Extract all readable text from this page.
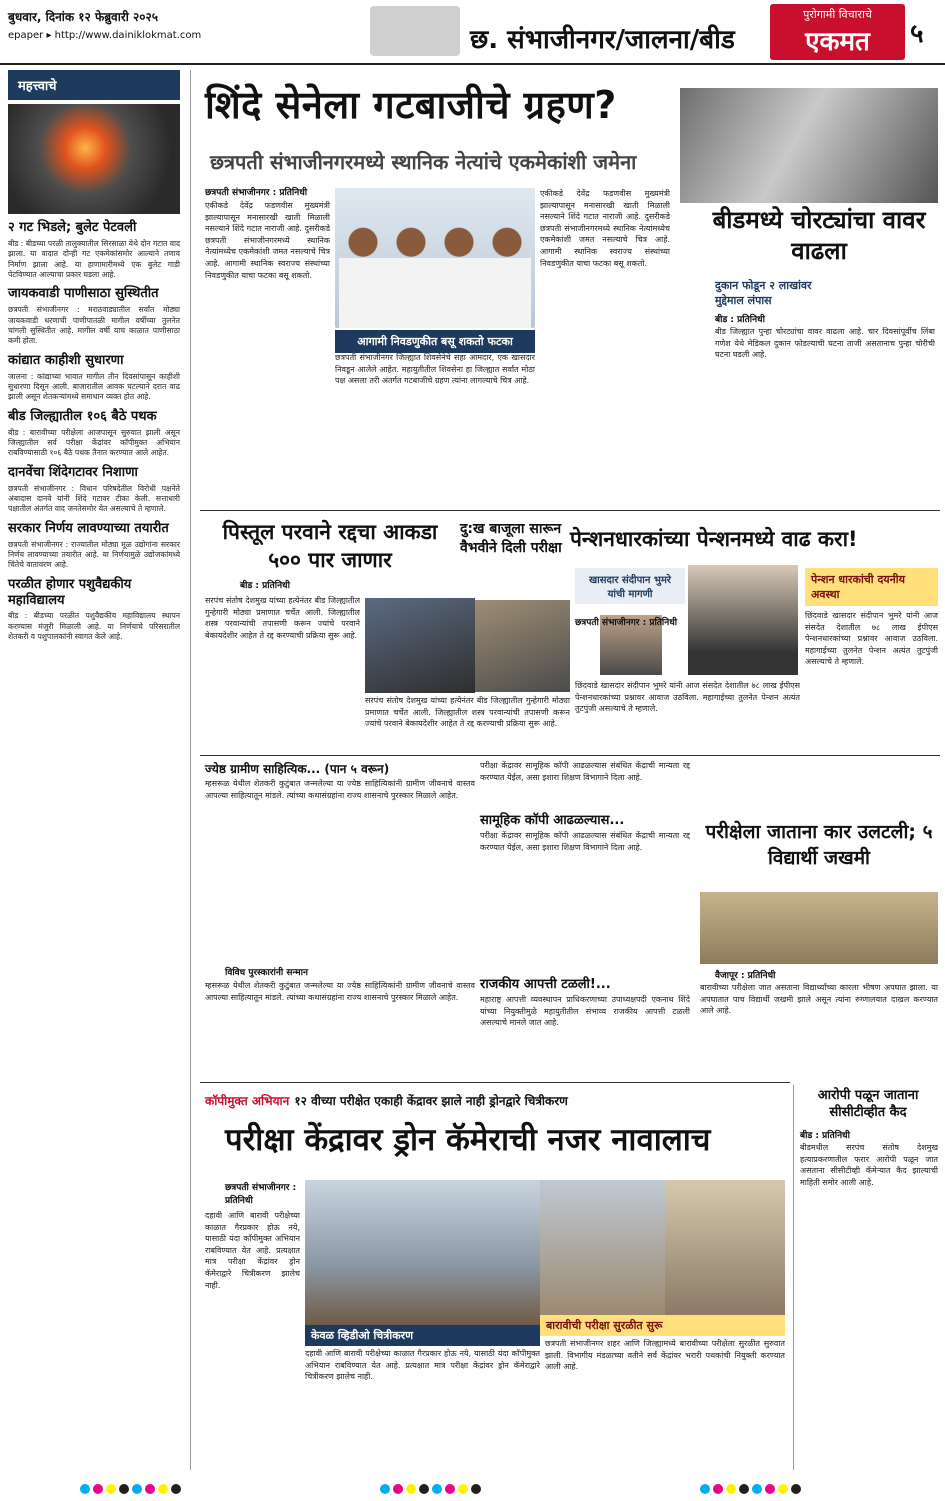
बुधवार, दिनांक १२ फेब्रुवारी २०२५
epaper ▸ http://www.dainiklokmat.com	छ. संभाजीनगर/जालना/बीड
पुरोगामी विचाराचे
एकमत	५
महत्त्वाचे
२ गट भिडले; बुलेट पेटवली

बीड : बीडच्या परळी तालुक्यातील सिरसाळा येथे दोन गटात वाद झाला. या वादात दोन्ही गट एकमेकांसमोर आल्याने तणाव निर्माण झाला आहे. या हाणामारीमध्ये एक बुलेट गाडी पेटविण्यात आल्याचा प्रकार घडला आहे.

जायकवाडी पाणीसाठा सुस्थितीत

छत्रपती संभाजीनगर : मराठवाड्यातील सर्वांत मोठ्या जायकवाडी धरणाची पाणीपातळी मागील वर्षीच्या तुलनेत चांगली सुस्थितीत आहे. मागील वर्षी याच काळात पाणीसाठा कमी होता.

कांद्यात काहीशी सुधारणा

जालना : कांद्याच्या भावात मागील तीन दिवसांपासून काहीशी सुधारणा दिसून आली. बाजारातील आवक घटल्याने दरात वाढ झाली असून शेतकऱ्यांमध्ये समाधान व्यक्त होत आहे.

बीड जिल्ह्यातील १०६ बैठे पथक

बीड : बारावीच्या परीक्षेला आजपासून सुरुवात झाली असून जिल्ह्यातील सर्व परीक्षा केंद्रांवर कॉपीमुक्त अभियान राबविण्यासाठी १०६ बैठे पथक तैनात करण्यात आले आहेत.

दानवेंचा शिंदेगटावर निशाणा

छत्रपती संभाजीनगर : विधान परिषदेतील विरोधी पक्षनेते अंबादास दानवे यांनी शिंदे गटावर टीका केली. सत्ताधारी पक्षातील अंतर्गत वाद जनतेसमोर येत असल्याचे ते म्हणाले.

सरकार निर्णय लावण्याच्या तयारीत

छत्रपती संभाजीनगर : राज्यातील मोठ्या मूळ उद्योगांना सरकार निर्णय लावण्याच्या तयारीत आहे. या निर्णयामुळे उद्योजकांमध्ये चिंतेचे वातावरण आहे.

परळीत होणार पशुवैद्यकीय महाविद्यालय

बीड : बीडच्या परळीत पशुवैद्यकीय महाविद्यालय स्थापन करण्यास मंजुरी मिळाली आहे. या निर्णयाचे परिसरातील शेतकरी व पशुपालकांनी स्वागत केले आहे.

शिंदे सेनेला गटबाजीचे ग्रहण?
छत्रपती संभाजीनगरमध्ये स्थानिक नेत्यांचे एकमेकांशी जमेना
छत्रपती संभाजीनगर : प्रतिनिधी
एकीकडे देवेंद्र फडणवीस मुख्यमंत्री झाल्यापासून मनासारखी खाती मिळाली नसल्याने शिंदे गटात नाराजी आहे. दुसरीकडे छत्रपती संभाजीनगरमध्ये स्थानिक नेत्यांमध्येच एकमेकांशी जमत नसल्याचे चित्र आहे. आगामी स्थानिक स्वराज्य संस्थांच्या निवडणुकीत याचा फटका बसू शकतो.
आगामी निवडणुकीत बसू शकतो फटका
छत्रपती संभाजीनगर जिल्ह्यात शिवसेनेचे सहा आमदार, एक खासदार निवडून आलेले आहेत. महायुतीतील शिवसेना हा जिल्ह्यात सर्वात मोठा पक्ष असला तरी अंतर्गत गटबाजीचे ग्रहण त्यांना लागल्याचे चित्र आहे.
एकीकडे देवेंद्र फडणवीस मुख्यमंत्री झाल्यापासून मनासारखी खाती मिळाली नसल्याने शिंदे गटात नाराजी आहे. दुसरीकडे छत्रपती संभाजीनगरमध्ये स्थानिक नेत्यांमध्येच एकमेकांशी जमत नसल्याचे चित्र आहे. आगामी स्थानिक स्वराज्य संस्थांच्या निवडणुकीत याचा फटका बसू शकतो.
बीडमध्ये चोरट्यांचा वावर वाढला
दुकान फोडून २ लाखांवर
मुद्देमाल लंपास
बीड : प्रतिनिधी
बीड जिल्ह्यात पुन्हा चोरट्यांचा वावर वाढला आहे. चार दिवसांपूर्वीच लिंबा गणेश येथे मेडिकल दुकान फोडल्याची घटना ताजी असतानाच पुन्हा चोरीची घटना घडली आहे.
पिस्तूल परवाने रद्दचा आकडा ५०० पार जाणार
बीड : प्रतिनिधी
सरपंच संतोष देशमुख यांच्या हत्येनंतर बीड जिल्ह्यातील गुन्हेगारी मोठ्या प्रमाणात चर्चेत आली. जिल्ह्यातील शस्त्र परवान्यांची तपासणी करून ज्यांचे परवाने बेकायदेशीर आहेत ते रद्द करण्याची प्रक्रिया सुरू आहे.
सरपंच संतोष देशमुख यांच्या हत्येनंतर बीड जिल्ह्यातील गुन्हेगारी मोठ्या प्रमाणात चर्चेत आली. जिल्ह्यातील शस्त्र परवान्यांची तपासणी करून ज्यांचे परवाने बेकायदेशीर आहेत ते रद्द करण्याची प्रक्रिया सुरू आहे.
दु:ख बाजूला सारून वैभवीने दिली परीक्षा पेन्शनधारकांच्या पेन्शनमध्ये वाढ करा!
खासदार संदीपान भुमरे यांची मागणी
पेन्शन धारकांची दयनीय अवस्था
छत्रपती संभाजीनगर : प्रतिनिधी
छिंदवाडे खासदार संदीपान भुमरे यांनी आज संसदेत देशातील ७८ लाख ईपीएस पेन्शनधारकांच्या प्रश्नावर आवाज उठविला. महागाईच्या तुलनेत पेन्शन अत्यंत तुटपुंजी असल्याचे ते म्हणाले.
छिंदवाडे खासदार संदीपान भुमरे यांनी आज संसदेत देशातील ७८ लाख ईपीएस पेन्शनधारकांच्या प्रश्नावर आवाज उठविला. महागाईच्या तुलनेत पेन्शन अत्यंत तुटपुंजी असल्याचे ते म्हणाले.
ज्येष्ठ ग्रामीण साहित्यिक... (पान ५ वरून)
म्हसरूळ येथील शेतकरी कुटुंबात जन्मलेल्या या ज्येष्ठ साहित्यिकांनी ग्रामीण जीवनाचे वास्तव आपल्या साहित्यातून मांडले. त्यांच्या कथासंग्रहांना राज्य शासनाचे पुरस्कार मिळाले आहेत.
विविध पुरस्कारांनी सन्मान
म्हसरूळ येथील शेतकरी कुटुंबात जन्मलेल्या या ज्येष्ठ साहित्यिकांनी ग्रामीण जीवनाचे वास्तव आपल्या साहित्यातून मांडले. त्यांच्या कथासंग्रहांना राज्य शासनाचे पुरस्कार मिळाले आहेत.
परीक्षा केंद्रावर सामूहिक कॉपी आढळल्यास संबंधित केंद्राची मान्यता रद्द करण्यात येईल, असा इशारा शिक्षण विभागाने दिला आहे.
सामूहिक कॉपी आढळल्यास...
परीक्षा केंद्रावर सामूहिक कॉपी आढळल्यास संबंधित केंद्राची मान्यता रद्द करण्यात येईल, असा इशारा शिक्षण विभागाने दिला आहे.
राजकीय आपत्ती टळली!...
महाराष्ट्र आपत्ती व्यवस्थापन प्राधिकरणाच्या उपाध्यक्षपदी एकनाथ शिंदे यांच्या नियुक्तीमुळे महायुतीतील संभाव्य राजकीय आपत्ती टळली असल्याचे मानले जात आहे.
परीक्षेला जाताना कार उलटली; ५ विद्यार्थी जखमी
वैजापूर : प्रतिनिधी
बारावीच्या परीक्षेला जात असताना विद्यार्थ्यांच्या कारला भीषण अपघात झाला. या अपघातात पाच विद्यार्थी जखमी झाले असून त्यांना रुग्णालयात दाखल करण्यात आले आहे.
कॉपीमुक्त अभियान १२ वीच्या परीक्षेत एकाही केंद्रावर झाले नाही ड्रोनद्वारे चित्रीकरण
परीक्षा केंद्रावर ड्रोन कॅमेराची नजर नावालाच
छत्रपती संभाजीनगर : प्रतिनिधी
दहावी आणि बारावी परीक्षेच्या काळात गैरप्रकार होऊ नये, यासाठी यंदा कॉपीमुक्त अभियान राबविण्यात येत आहे. प्रत्यक्षात मात्र परीक्षा केंद्रांवर ड्रोन कॅमेराद्वारे चित्रीकरण झालेच नाही.
केवळ व्हिडीओ चित्रीकरण
बारावीची परीक्षा सुरळीत सुरू
दहावी आणि बारावी परीक्षेच्या काळात गैरप्रकार होऊ नये, यासाठी यंदा कॉपीमुक्त अभियान राबविण्यात येत आहे. प्रत्यक्षात मात्र परीक्षा केंद्रांवर ड्रोन कॅमेराद्वारे चित्रीकरण झालेच नाही.
छत्रपती संभाजीनगर शहर आणि जिल्ह्यामध्ये बारावीच्या परीक्षेला सुरळीत सुरुवात झाली. विभागीय मंडळाच्या वतीने सर्व केंद्रांवर भरारी पथकांची नियुक्ती करण्यात आली आहे.
आरोपी पळून जाताना सीसीटीव्हीत कैद
बीड : प्रतिनिधी
बीडमधील सरपंच संतोष देशमुख हत्याप्रकरणातील फरार आरोपी पळून जात असताना सीसीटीव्ही कॅमेऱ्यात कैद झाल्याची माहिती समोर आली आहे.
